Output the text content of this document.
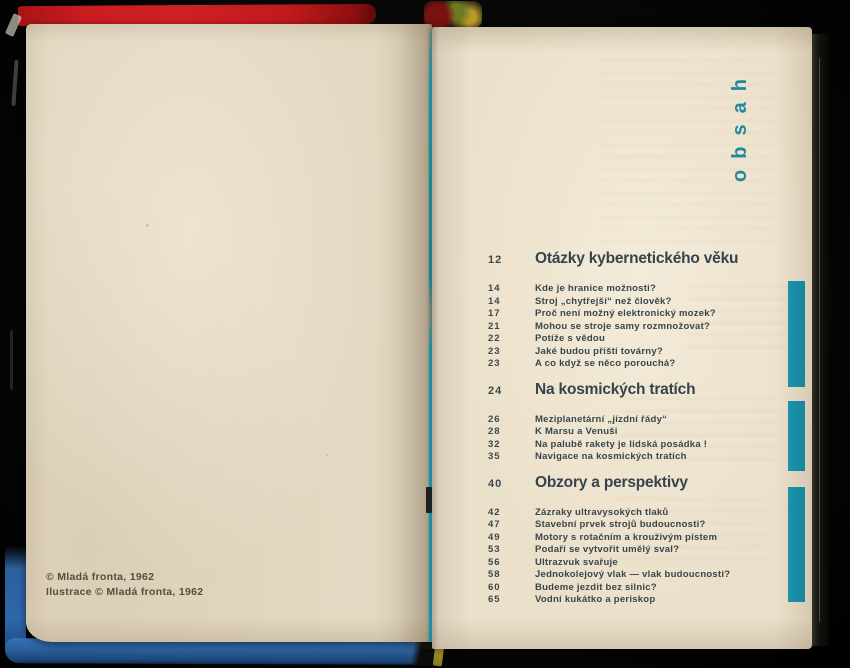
© Mladá fronta, 1962
Ilustrace © Mladá fronta, 1962
obsah
12	Otázky kybernetického věku
14	Kde je hranice možnosti?
14	Stroj „chytřejší“ než člověk?
17	Proč není možný elektronický mozek?
21	Mohou se stroje samy rozmnožovat?
22	Potíže s vědou
23	Jaké budou příští továrny?
23	A co když se něco porouchá?
24	Na kosmických tratích
26	Meziplanetární „jízdní řády“
28	K Marsu a Venuši
32	Na palubě rakety je lidská posádka !
35	Navigace na kosmických tratích
40	Obzory a perspektivy
42	Zázraky ultravysokých tlaků
47	Stavební prvek strojů budoucnosti?
49	Motory s rotačním a krouživým pístem
53	Podaří se vytvořit umělý sval?
56	Ultrazvuk svařuje
58	Jednokolejový vlak — vlak budoucnosti?
60	Budeme jezdit bez silnic?
65	Vodní kukátko a periskop
